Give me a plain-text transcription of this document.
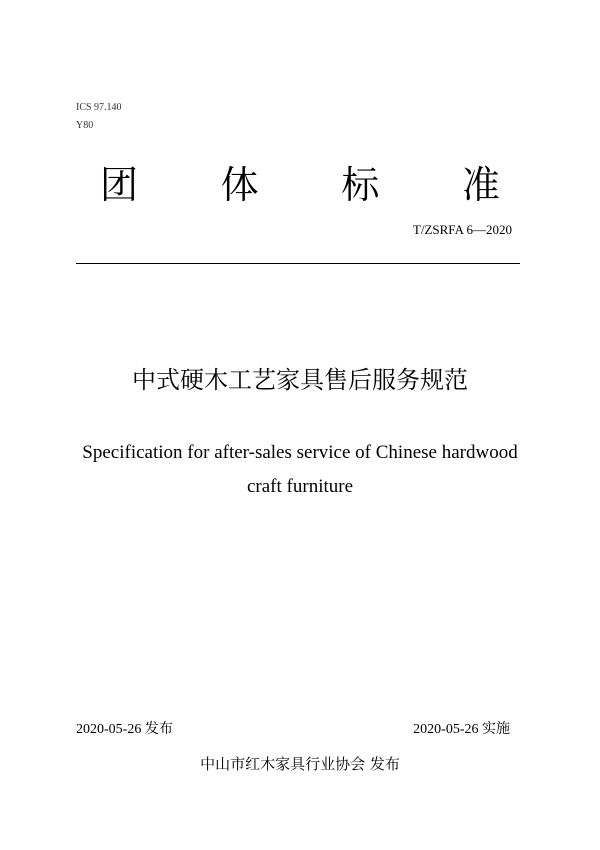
ICS 97.140
Y80
团 体 标 准
T/ZSRFA 6—2020
中式硬木工艺家具售后服务规范
Specification for after-sales service of Chinese hardwood craft furniture
2020-05-26 发布	2020-05-26 实施
中山市红木家具行业协会 发布
